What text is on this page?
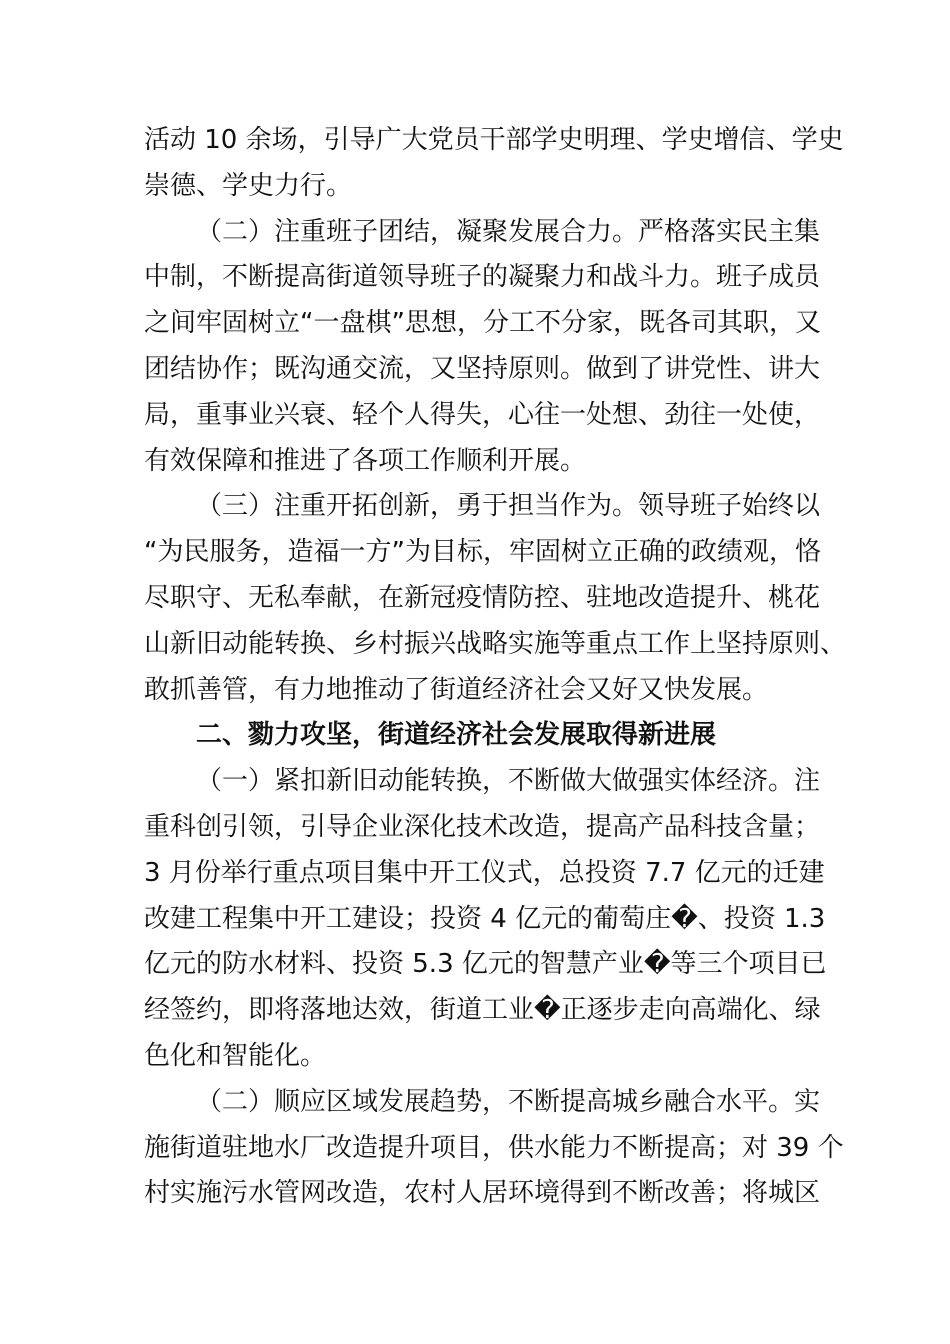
活动 10 余场，引导广大党员干部学史明理、学史增信、学史
崇德、学史力行。
（二）注重班子团结，凝聚发展合力。严格落实民主集
中制，不断提高街道领导班子的凝聚力和战斗力。班子成员
之间牢固树立“一盘棋”思想，分工不分家，既各司其职，又
团结协作；既沟通交流，又坚持原则。做到了讲党性、讲大
局，重事业兴衰、轻个人得失，心往一处想、劲往一处使，
有效保障和推进了各项工作顺利开展。
（三）注重开拓创新，勇于担当作为。领导班子始终以
“为民服务，造福一方”为目标，牢固树立正确的政绩观，恪
尽职守、无私奉献，在新冠疫情防控、驻地改造提升、桃花
山新旧动能转换、乡村振兴战略实施等重点工作上坚持原则、
敢抓善管，有力地推动了街道经济社会又好又快发展。
二、勠力攻坚，街道经济社会发展取得新进展
（一）紧扣新旧动能转换，不断做大做强实体经济。注
重科创引领，引导企业深化技术改造，提高产品科技含量；
3 月份举行重点项目集中开工仪式，总投资 7.7 亿元的迁建
改建工程集中开工建设；投资 4 亿元的葡萄庄�、投资 1.3
亿元的防水材料、投资 5.3 亿元的智慧产业�等三个项目已
经签约，即将落地达效，街道工业�正逐步走向高端化、绿
色化和智能化。
（二）顺应区域发展趋势，不断提高城乡融合水平。实
施街道驻地水厂改造提升项目，供水能力不断提高；对 39 个
村实施污水管网改造，农村人居环境得到不断改善；将城区
